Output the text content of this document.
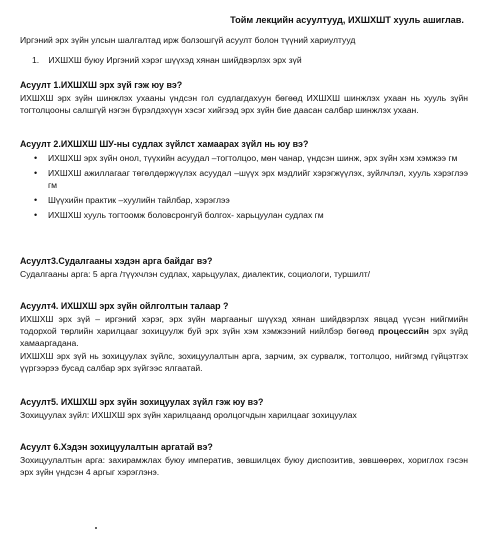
Тойм лекцийн асуултууд, ИХШХШТ хууль ашиглав.
Иргэний эрх зүйн улсын шалгалтад ирж болзошгүй асуулт болон түүний хариултууд
1. ИХШХШ буюу Иргэний хэрэг шүүхэд хянан шийдвэрлэх эрх зүй

Асуулт 1.ИХШХШ эрх зүй гэж юу вэ?

ИХШХШ эрх зүйн шинжлэх ухааны үндсэн гол судлагдахуун бөгөөд ИХШХШ шинжлэх ухаан нь хууль зүйн тогтолцооны салшгүй нэгэн бүрэлдэхүүн хэсэг хийгээд эрх зүйн бие даасан салбар шинжлэх ухаан.

Асуулт 2.ИХШХШ ШУ-ны судлах зүйлст хамаарах зүйл нь юу вэ?

• ИХШХШ эрх зүйн онол, түүхийн асуудал –тогтолцоо, мөн чанар, үндсэн шинж, эрх зүйн хэм хэмжээ гм
• ИХШХШ ажиллагааг төгөлдөржүүлэх асуудал –шүүх эрх мэдлийг хэрэгжүүлэх, зуйлчлэл, хууль хэрэглээ гм
• Шүүхийн практик –хуулийн тайлбар, хэрэглээ
• ИХШХШ хууль тогтоомж боловсронгуй болгох- харьцуулан судлах гм

Асуулт3.Судалгааны хэдэн арга байдаг вэ?

Судалгааны арга: 5 арга /түүхчлэн судлах, харьцуулах, диалектик, социологи, туршилт/

Асуулт4. ИХШХШ эрх зүйн ойлголтын талаар ?

ИХШХШ эрх зүй – иргэний хэрэг, эрх зүйн маргааныг шүүхэд хянан шийдвэрлэх явцад үүсэн нийгмийн тодорхой төрлийн харилцааг зохицуулж буй эрх зүйн хэм хэмжээний нийлбэр бөгөөд процессийн эрх зүйд хамааргадана.

ИХШХШ эрх зүй нь зохицуулах зүйлс, зохицуулалтын арга, зарчим, эх сурвалж, тогтолцоо, нийгэмд гүйцэтгэх үүргээрээ бусад салбар эрх зүйгээс ялгаатай.

Асуулт5. ИХШХШ эрх зүйн зохицуулах зүйл гэж юу вэ?

Зохицуулах зүйл: ИХШХШ эрх зүйн харилцаанд оролцогчдын харилцааг зохицуулах

Асуулт 6.Хэдэн зохицуулалтын аргатай вэ?

Зохицуулалтын арга: захирамжлах буюу императив, зөвшилцөх буюу диспозитив, зөвшөөрөх, хориглох гэсэн эрх зүйн үндсэн 4 аргыг хэрэглэнэ.
